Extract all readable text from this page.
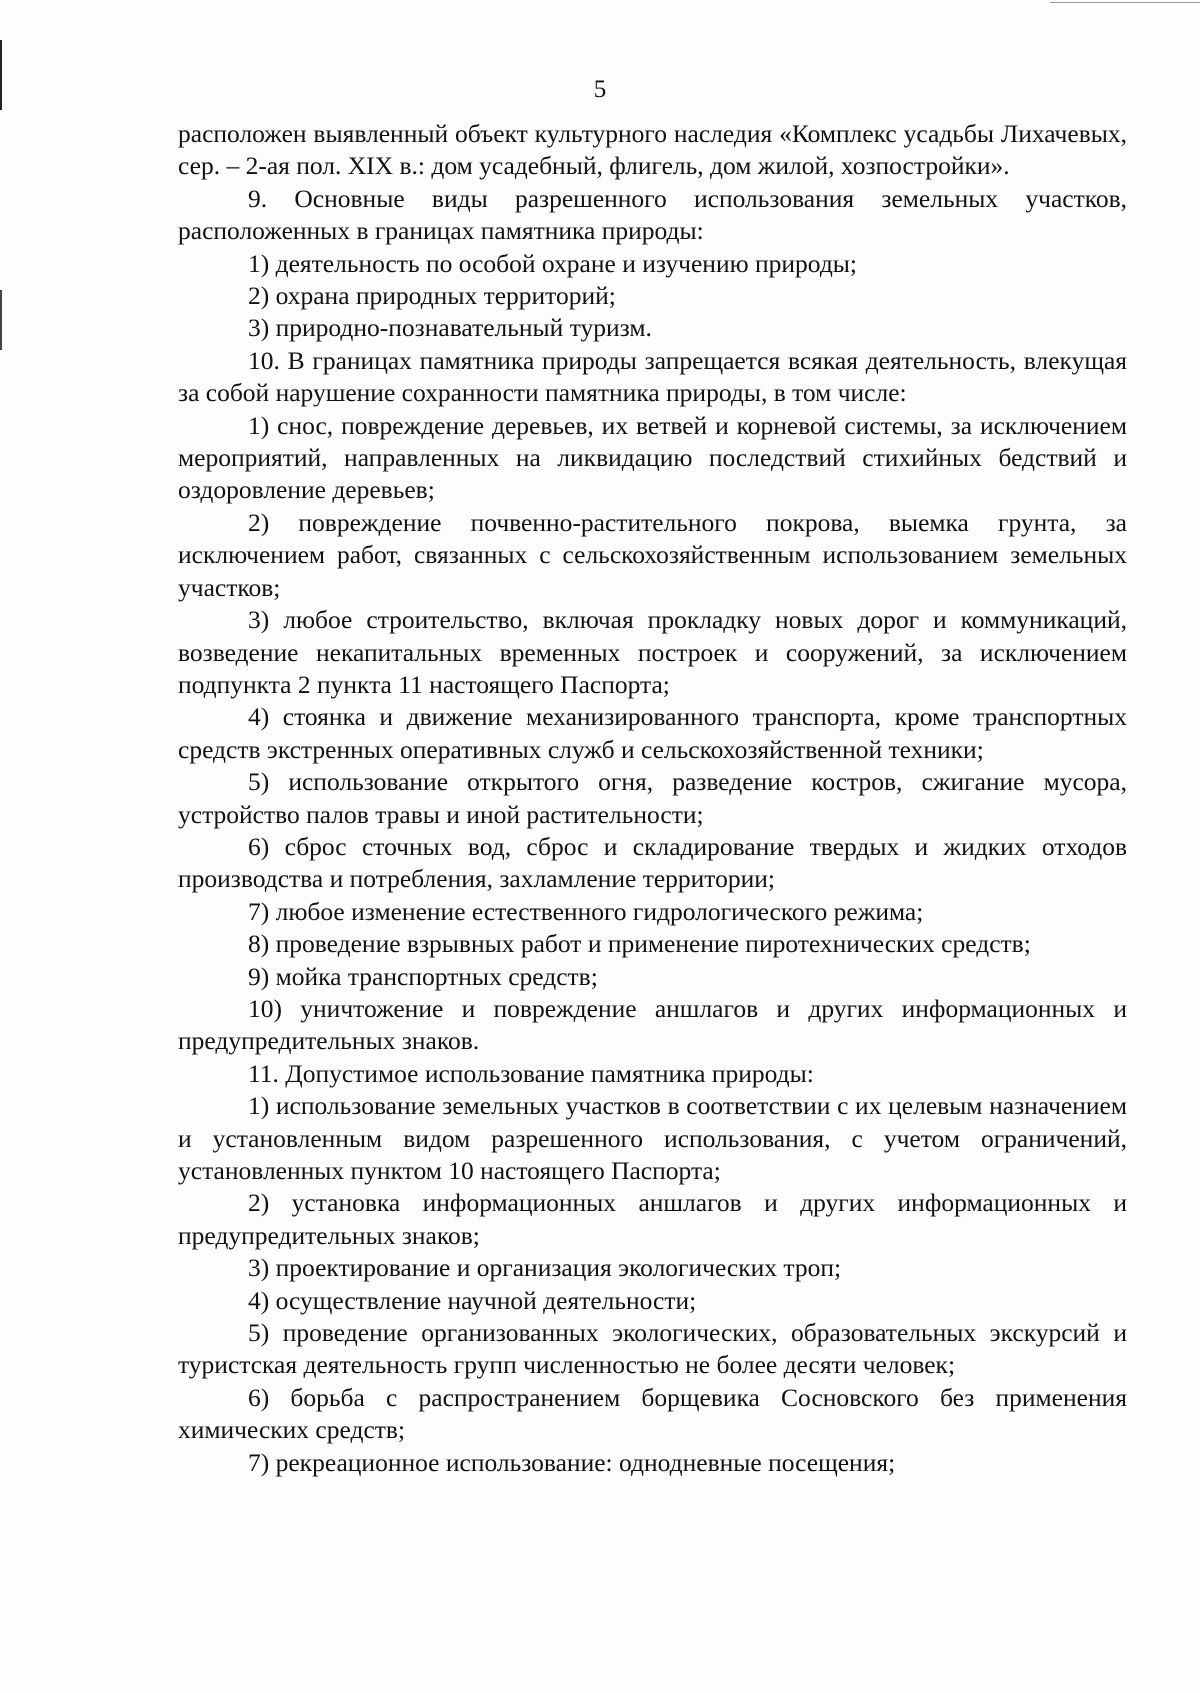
5

расположен выявленный объект культурного наследия «Комплекс усадьбы Лихачевых, сер. – 2-ая пол. XIX в.: дом усадебный, флигель, дом жилой, хозпостройки».

9. Основные виды разрешенного использования земельных участков, расположенных в границах памятника природы:

1) деятельность по особой охране и изучению природы;

2) охрана природных территорий;

3) природно-познавательный туризм.

10. В границах памятника природы запрещается всякая деятельность, влекущая за собой нарушение сохранности памятника природы, в том числе:

1) снос, повреждение деревьев, их ветвей и корневой системы, за исключением мероприятий, направленных на ликвидацию последствий стихийных бедствий и оздоровление деревьев;

2) повреждение почвенно-растительного покрова, выемка грунта, за исключением работ, связанных с сельскохозяйственным использованием земельных участков;

3) любое строительство, включая прокладку новых дорог и коммуникаций, возведение некапитальных временных построек и сооружений, за исключением подпункта 2 пункта 11 настоящего Паспорта;

4) стоянка и движение механизированного транспорта, кроме транспортных средств экстренных оперативных служб и сельскохозяйственной техники;

5) использование открытого огня, разведение костров, сжигание мусора, устройство палов травы и иной растительности;

6) сброс сточных вод, сброс и складирование твердых и жидких отходов производства и потребления, захламление территории;

7) любое изменение естественного гидрологического режима;

8) проведение взрывных работ и применение пиротехнических средств;

9) мойка транспортных средств;

10) уничтожение и повреждение аншлагов и других информационных и предупредительных знаков.

11. Допустимое использование памятника природы:

1) использование земельных участков в соответствии с их целевым назначением и установленным видом разрешенного использования, с учетом ограничений, установленных пунктом 10 настоящего Паспорта;

2) установка информационных аншлагов и других информационных и предупредительных знаков;

3) проектирование и организация экологических троп;

4) осуществление научной деятельности;

5) проведение организованных экологических, образовательных экскурсий и туристская деятельность групп численностью не более десяти человек;

6) борьба с распространением борщевика Сосновского без применения химических средств;

7) рекреационное использование: однодневные посещения;
